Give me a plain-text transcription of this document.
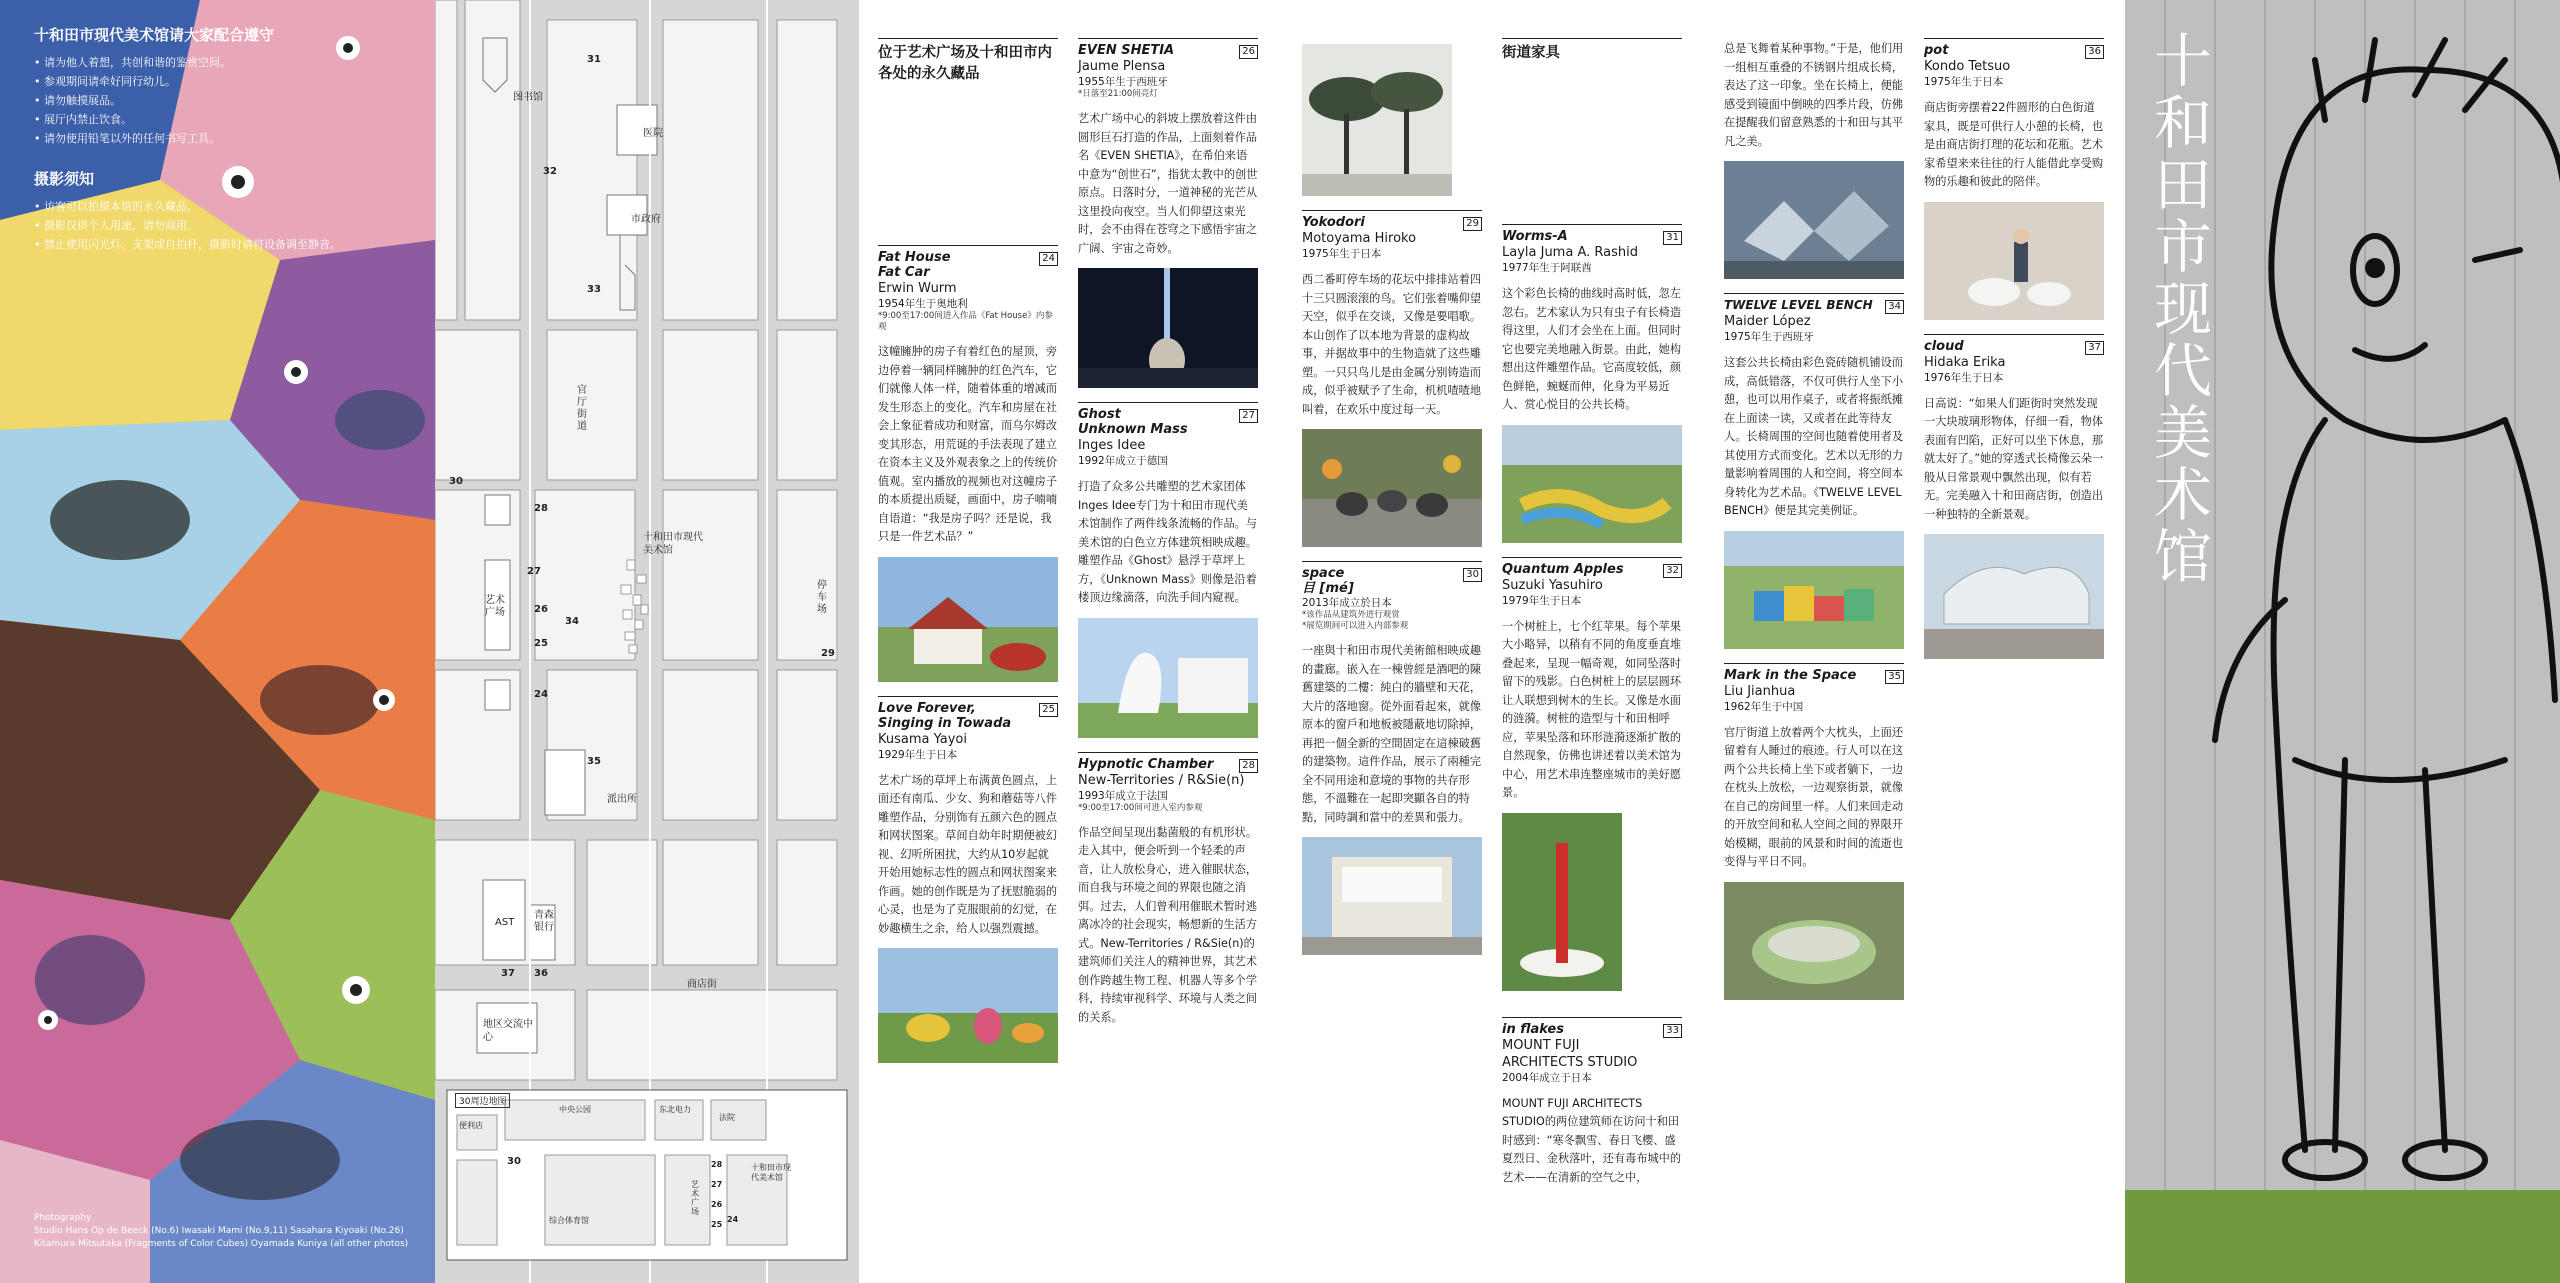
十和田市现代美术馆请大家配合遵守
• 请为他人着想，共创和谐的鉴赏空间。
• 参观期间请牵好同行幼儿。
• 请勿触摸展品。
• 展厅内禁止饮食。
• 请勿使用铅笔以外的任何书写工具。
摄影须知
• 访客可以拍摄本馆的永久藏品。
• 摄影仅供个人用途，请勿商用。
• 禁止使用闪光灯、支架或自拍杆，摄影时请将设备调至静音。
Photography
Studio Hans Op de Beeck (No.6) Iwasaki Mami (No.9,11) Sasahara Kiyoaki (No.26)
Kitamura Mitsutaka (Fragments of Color Cubes) Oyamada Kuniya (all other photos)
图书馆
医院
市政府
官厅街道
十和田市现代美术馆
艺术广场
停车场
派出所
AST
青森银行
商店街
地区交流中心
30周边地图
便利店
中央公园	东北电力
法院
综合体育馆
十和田市现代美术馆
艺术广场
31
32
33
34
35
36
37
29
30
28
27
26
25
24
30	28
27
26
25
24
位于艺术广场及十和田市内各处的永久藏品
24
Fat House
Fat Car
Erwin Wurm
1954年生于奥地利
*9:00至17:00间进入作品《Fat House》内参观
这幢臃肿的房子有着红色的屋顶，旁边停着一辆同样臃肿的红色汽车，它们就像人体一样，随着体重的增减而发生形态上的变化。汽车和房屋在社会上象征着成功和财富，而乌尔姆改变其形态，用荒诞的手法表现了建立在资本主义及外观表象之上的传统价值观。室内播放的视频也对这幢房子的本质提出质疑，画面中，房子喃喃自语道：“我是房子吗？还是说，我只是一件艺术品？”
25
Love Forever, Singing in Towada
Kusama Yayoi
1929年生于日本
艺术广场的草坪上布满黄色圆点，上面还有南瓜、少女、狗和蘑菇等八件雕塑作品，分别饰有五颜六色的圆点和网状图案。草间自幼年时期便被幻视、幻听所困扰，大约从10岁起就开始用她标志性的圆点和网状图案来作画。她的创作既是为了抚慰脆弱的心灵，也是为了克服眼前的幻觉，在妙趣横生之余，给人以强烈震撼。
26
EVEN SHETIA
Jaume Plensa
1955年生于西班牙
*日落至21:00间亮灯
艺术广场中心的斜坡上摆放着这件由圆形巨石打造的作品，上面刻着作品名《EVEN SHETIA》，在希伯来语中意为“创世石”，指犹太教中的创世原点。日落时分，一道神秘的光芒从这里投向夜空。当人们仰望这束光时，会不由得在苍穹之下感悟宇宙之广阔、宇宙之奇妙。
27
Ghost
Unknown Mass
Inges Idee
1992年成立于德国
打造了众多公共雕塑的艺术家团体Inges Idee专门为十和田市现代美术馆制作了两件线条流畅的作品。与美术馆的白色立方体建筑相映成趣。雕塑作品《Ghost》悬浮于草坪上方，《Unknown Mass》则像是沿着楼顶边缘滴落，向洗手间内窥视。
28
Hypnotic Chamber
New-Territories / R&Sie(n)
1993年成立于法国
*9:00至17:00间可进入室内参观
作品空间呈现出黏菌般的有机形状。走入其中，便会听到一个轻柔的声音，让人放松身心，进入催眠状态，而自我与环境之间的界限也随之消弭。过去，人们曾利用催眠术暂时逃离冰冷的社会现实，畅想新的生活方式。New-Territories / R&Sie(n)的建筑师们关注人的精神世界，其艺术创作跨越生物工程、机器人等多个学科，持续审视科学、环境与人类之间的关系。
29
Yokodori
Motoyama Hiroko
1975年生于日本
西二番町停车场的花坛中排排站着四十三只圆滚滚的鸟。它们张着嘴仰望天空，似乎在交谈，又像是要唱歌。本山创作了以本地为背景的虚构故事，并据故事中的生物造就了这些雕塑。一只只鸟儿是由金属分别铸造而成，似乎被赋予了生命，机机喳喳地叫着，在欢乐中度过每一天。
30
space
目 [mé]
2013年成立於日本
*该作品从建筑外进行观赏
*展览期间可以进入内部参观
一座與十和田市現代美術館相映成趣的畫廊。嵌入在一棟曾經是酒吧的陳舊建築的二樓：純白的牆壁和天花，大片的落地窗。從外面看起來，就像原本的窗戶和地板被隱蔽地切除掉，再把一個全新的空間固定在這棟破舊的建築物。這件作品，展示了兩種完全不同用途和意境的事物的共存形態，不溫難在一起即突顯各自的特點，同時調和當中的差異和張力。
街道家具
31
Worms-A
Layla Juma A. Rashid
1977年生于阿联酋
这个彩色长椅的曲线时高时低，忽左忽右。艺术家认为只有虫子有长椅造得这里，人们才会坐在上面。但同时它也要完美地融入街景。由此，她构想出这件雕塑作品。它高度较低，颜色鲜艳，蜿蜒而伸，化身为平易近人、赏心悦目的公共长椅。
32
Quantum Apples
Suzuki Yasuhiro
1979年生于日本
一个树桩上，七个红苹果。每个苹果大小略异，以稍有不同的角度垂直堆叠起来，呈现一幅奇观，如同坠落时留下的残影。白色树桩上的层层圆环让人联想到树木的生长。又像是水面的涟漪。树桩的造型与十和田相呼应，苹果坠落和环形涟漪逐渐扩散的自然现象，仿佛也讲述着以美术馆为中心，用艺术串连整座城市的美好愿景。
33
in flakes
MOUNT FUJI ARCHITECTS STUDIO
2004年成立于日本
MOUNT FUJI ARCHITECTS STUDIO的两位建筑师在访问十和田时感到：“寒冬飘雪、春日飞樱、盛夏烈日、金秋落叶，还有毒布城中的艺术——在清新的空气之中，
总是飞舞着某种事物。”于是，他们用一组相互重叠的不锈钢片组成长椅，表达了这一印象。坐在长椅上，便能感受到镜面中倒映的四季片段，仿佛在提醒我们留意熟悉的十和田与其平凡之美。
34
TWELVE LEVEL BENCH
Maider López
1975年生于西班牙
这套公共长椅由彩色瓷砖随机铺设而成，高低错落，不仅可供行人坐下小憩，也可以用作桌子，或者将振纸摊在上面读一读，又或者在此等待友人。长椅周围的空间也随着使用者及其使用方式而变化。艺术以无形的力量影响着周围的人和空间，将空间本身转化为艺术品。《TWELVE LEVEL BENCH》便是其完美例证。
35
Mark in the Space
Liu Jianhua
1962年生于中国
官厅街道上放着两个大枕头，上面还留着有人睡过的痕迹。行人可以在这两个公共长椅上坐下或者躺下，一边在枕头上放松，一边观察街景，就像在自己的房间里一样。人们来回走动的开放空间和私人空间之间的界限开始模糊，眼前的风景和时间的流逝也变得与平日不同。
36
pot
Kondo Tetsuo
1975年生于日本
商店街旁摆着22件圆形的白色街道家具，既是可供行人小憩的长椅，也是由商店街打理的花坛和花瓶。艺术家希望来来往往的行人能借此享受购物的乐趣和彼此的陪伴。
37
cloud
Hidaka Erika
1976年生于日本
日高说：“如果人们距街时突然发现一大块玻璃形物体，仔细一看，物体表面有凹陷，正好可以坐下休息，那就太好了。”她的穿透式长椅像云朵一般从日常景观中飘然出现，似有若无。完美融入十和田商店街，创造出一种独特的全新景观。	十和田市现代美术馆
